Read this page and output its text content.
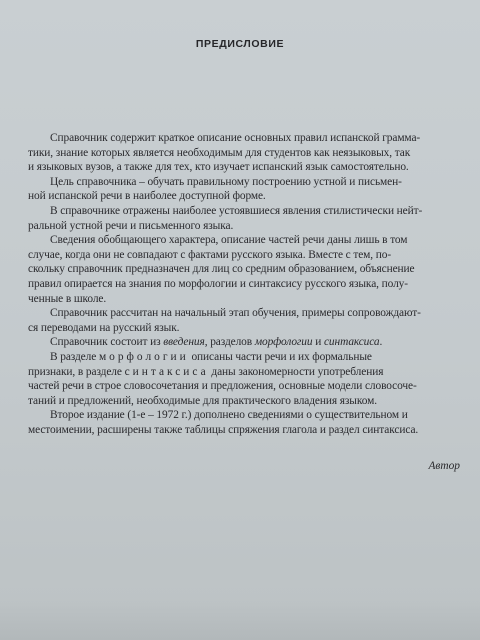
ПРЕДИСЛОВИЕ

Справочник содержит краткое описание основных правил испанской грамма-
тики, знание которых является необходимым для студентов как неязыковых, так
и языковых вузов, а также для тех, кто изучает испанский язык самостоятельно.

Цель справочника – обучать правильному построению устной и письмен-
ной испанской речи в наиболее доступной форме.

В справочнике отражены наиболее устоявшиеся явления стилистически нейт-
ральной устной речи и письменного языка.

Сведения обобщающего характера, описание частей речи даны лишь в том
случае, когда они не совпадают с фактами русского языка. Вместе с тем, по-
скольку справочник предназначен для лиц со средним образованием, объяснение
правил опирается на знания по морфологии и синтаксису русского языка, полу-
ченные в школе.

Справочник рассчитан на начальный этап обучения, примеры сопровождают-
ся переводами на русский язык.

Справочник состоит из введения, разделов морфологии и синтаксиса.

В разделе морфологии описаны части речи и их формальные
признаки, в разделе синтаксиса даны закономерности употребления
частей речи в строе словосочетания и предложения, основные модели словосоче-
таний и предложений, необходимые для практического владения языком.

Второе издание (1-е – 1972 г.) дополнено сведениями о существительном и
местоимении, расширены также таблицы спряжения глагола и раздел синтаксиса.

Автор
